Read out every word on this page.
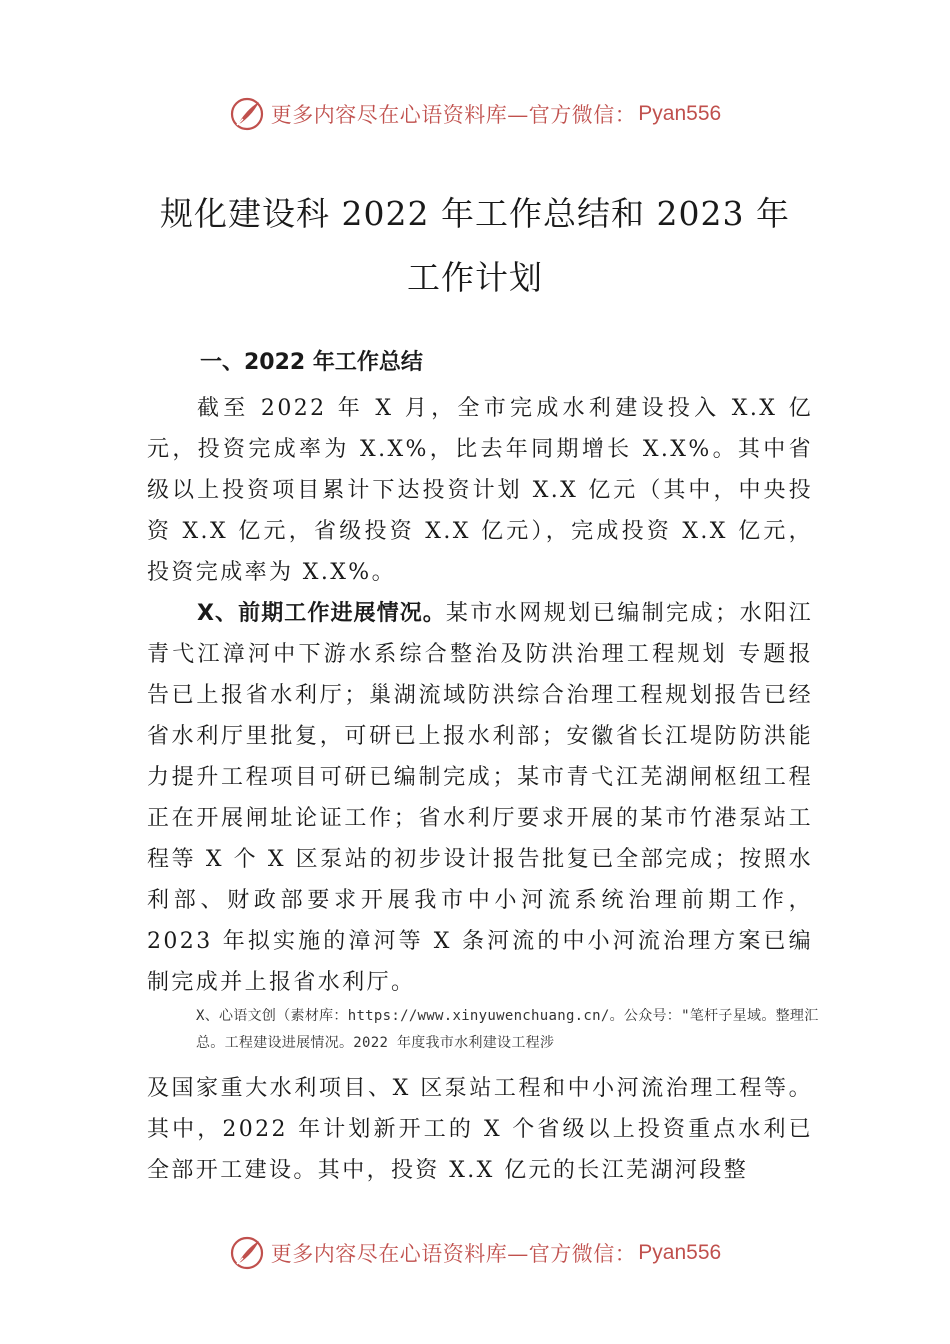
更多内容尽在心语资料库—官方微信： Pyan556
规化建设科 2022 年工作总结和 2023 年
工作计划
一、2022 年工作总结

截至 2022 年 X 月，全市完成水利建设投入 X.X 亿元，投资完成率为 X.X%，比去年同期增长 X.X%。其中省级以上投资项目累计下达投资计划 X.X 亿元（其中，中央投资 X.X 亿元，省级投资 X.X 亿元），完成投资 X.X 亿元，投资完成率为 X.X%。

X、前期工作进展情况。某市水网规划已编制完成；水阳江青弋江漳河中下游水系综合整治及防洪治理工程规划 专题报告已上报省水利厅；巢湖流域防洪综合治理工程规划报告已经省水利厅里批复，可研已上报水利部；安徽省长江堤防防洪能力提升工程项目可研已编制完成；某市青弋江芜湖闸枢纽工程正在开展闸址论证工作；省水利厅要求开展的某市竹港泵站工程等 X 个 X 区泵站的初步设计报告批复已全部完成；按照水利部、财政部要求开展我市中小河流系统治理前期工作，2023 年拟实施的漳河等 X 条河流的中小河流治理方案已编制完成并上报省水利厅。

X、心语文创（素材库：https://www.xinyuwenchuang.cn/。公众号："笔杆子星域。整理汇总。工程建设进展情况。2022 年度我市水利建设工程涉

及国家重大水利项目、X 区泵站工程和中小河流治理工程等。其中，2022 年计划新开工的 X 个省级以上投资重点水利已全部开工建设。其中，投资 X.X 亿元的长江芜湖河段整

更多内容尽在心语资料库—官方微信： Pyan556
